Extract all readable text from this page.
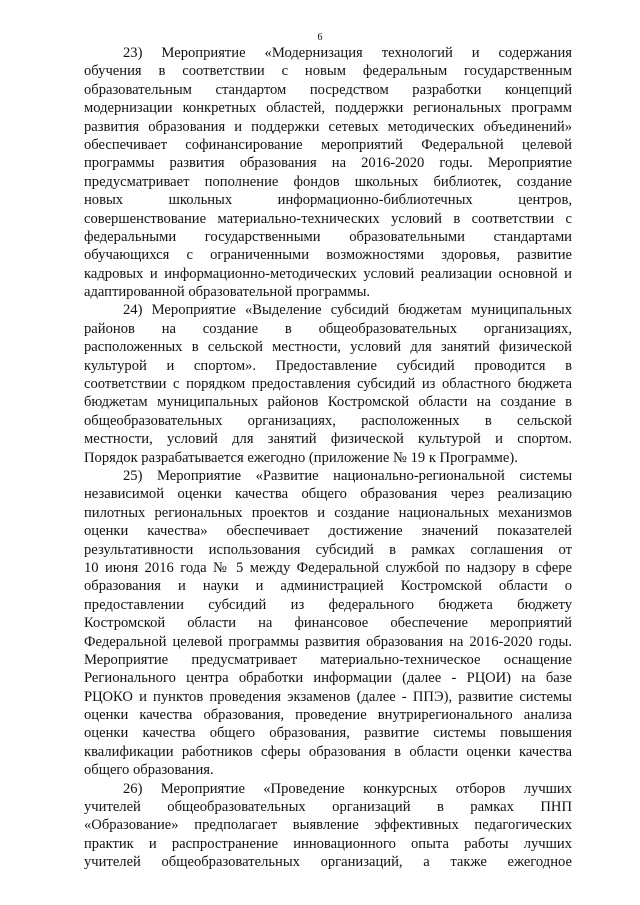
6
23) Мероприятие «Модернизация технологий и содержания
обучения в соответствии с новым федеральным государственным
образовательным стандартом посредством разработки концепций
модернизации конкретных областей, поддержки региональных программ
развития образования и поддержки сетевых методических объединений»
обеспечивает софинансирование мероприятий Федеральной целевой
программы развития образования на 2016-2020 годы. Мероприятие
предусматривает пополнение фондов школьных библиотек, создание
новых школьных информационно-библиотечных центров,
совершенствование материально-технических условий в соответствии с
федеральными государственными образовательными стандартами
обучающихся с ограниченными возможностями здоровья, развитие
кадровых и информационно-методических условий реализации основной и
адаптированной образовательной программы.
24) Мероприятие «Выделение субсидий бюджетам муниципальных
районов на создание в общеобразовательных организациях,
расположенных в сельской местности, условий для занятий физической
культурой и спортом». Предоставление субсидий проводится в
соответствии с порядком предоставления субсидий из областного бюджета
бюджетам муниципальных районов Костромской области на создание в
общеобразовательных организациях, расположенных в сельской
местности, условий для занятий физической культурой и спортом.
Порядок разрабатывается ежегодно (приложение № 19 к Программе).
25) Мероприятие «Развитие национально-региональной системы
независимой оценки качества общего образования через реализацию
пилотных региональных проектов и создание национальных механизмов
оценки качества» обеспечивает достижение значений показателей
результативности использования субсидий в рамках соглашения от
10 июня 2016 года № 5 между Федеральной службой по надзору в сфере
образования и науки и администрацией Костромской области о
предоставлении субсидий из федерального бюджета бюджету
Костромской области на финансовое обеспечение мероприятий
Федеральной целевой программы развития образования на 2016-2020 годы.
Мероприятие предусматривает материально-техническое оснащение
Регионального центра обработки информации (далее - РЦОИ) на базе
РЦОКО и пунктов проведения экзаменов (далее - ППЭ), развитие системы
оценки качества образования, проведение внутрирегионального анализа
оценки качества общего образования, развитие системы повышения
квалификации работников сферы образования в области оценки качества
общего образования.
26) Мероприятие «Проведение конкурсных отборов лучших
учителей общеобразовательных организаций в рамках ПНП
«Образование» предполагает выявление эффективных педагогических
практик и распространение инновационного опыта работы лучших
учителей общеобразовательных организаций, а также ежегодное
